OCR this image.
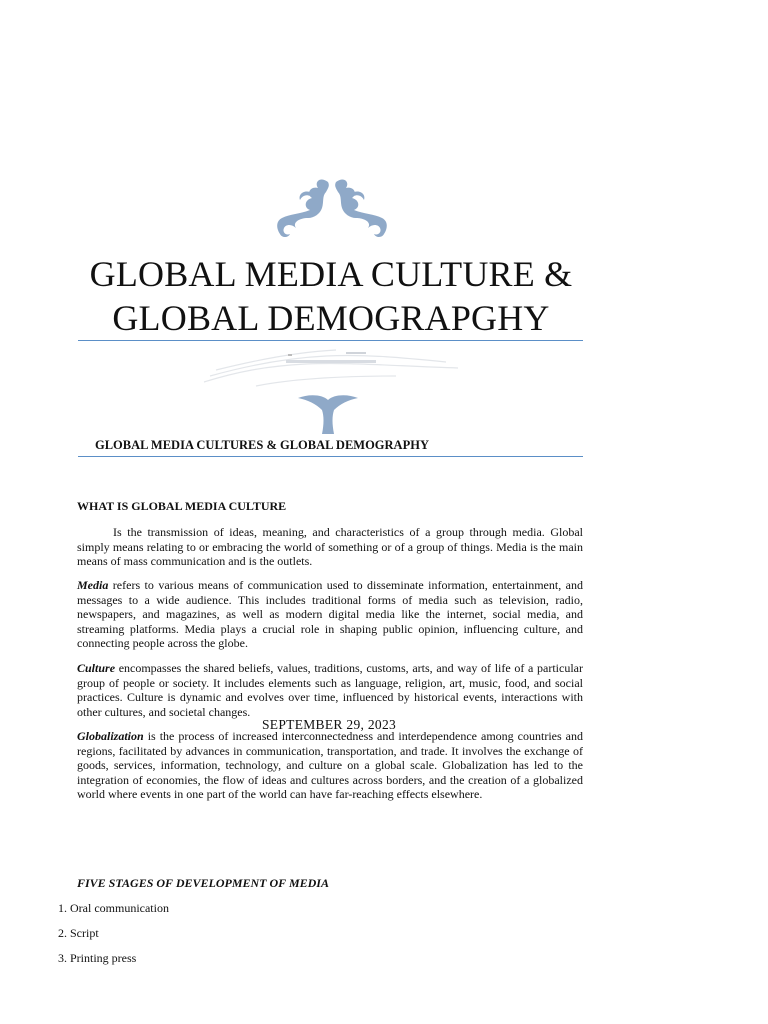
GLOBAL MEDIA CULTURE &
GLOBAL DEMOGRAPGHY
GLOBAL MEDIA CULTURES & GLOBAL DEMOGRAPHY
WHAT IS GLOBAL MEDIA CULTURE

Is the transmission of ideas, meaning, and characteristics of a group through media. Global simply means relating to or embracing the world of something or of a group of things. Media is the main means of mass communication and is the outlets.

Media refers to various means of communication used to disseminate information, entertainment, and messages to a wide audience. This includes traditional forms of media such as television, radio, newspapers, and magazines, as well as modern digital media like the internet, social media, and streaming platforms. Media plays a crucial role in shaping public opinion, influencing culture, and connecting people across the globe.

Culture encompasses the shared beliefs, values, traditions, customs, arts, and way of life of a particular group of people or society. It includes elements such as language, religion, art, music, food, and social practices. Culture is dynamic and evolves over time, influenced by historical events, interactions with other cultures, and societal changes.

SEPTEMBER 29, 2023

Globalization is the process of increased interconnectedness and interdependence among countries and regions, facilitated by advances in communication, transportation, and trade. It involves the exchange of goods, services, information, technology, and culture on a global scale. Globalization has led to the integration of economies, the flow of ideas and cultures across borders, and the creation of a globalized world where events in one part of the world can have far-reaching effects elsewhere.

FIVE STAGES OF DEVELOPMENT OF MEDIA
1. Oral communication
2. Script
3. Printing press
